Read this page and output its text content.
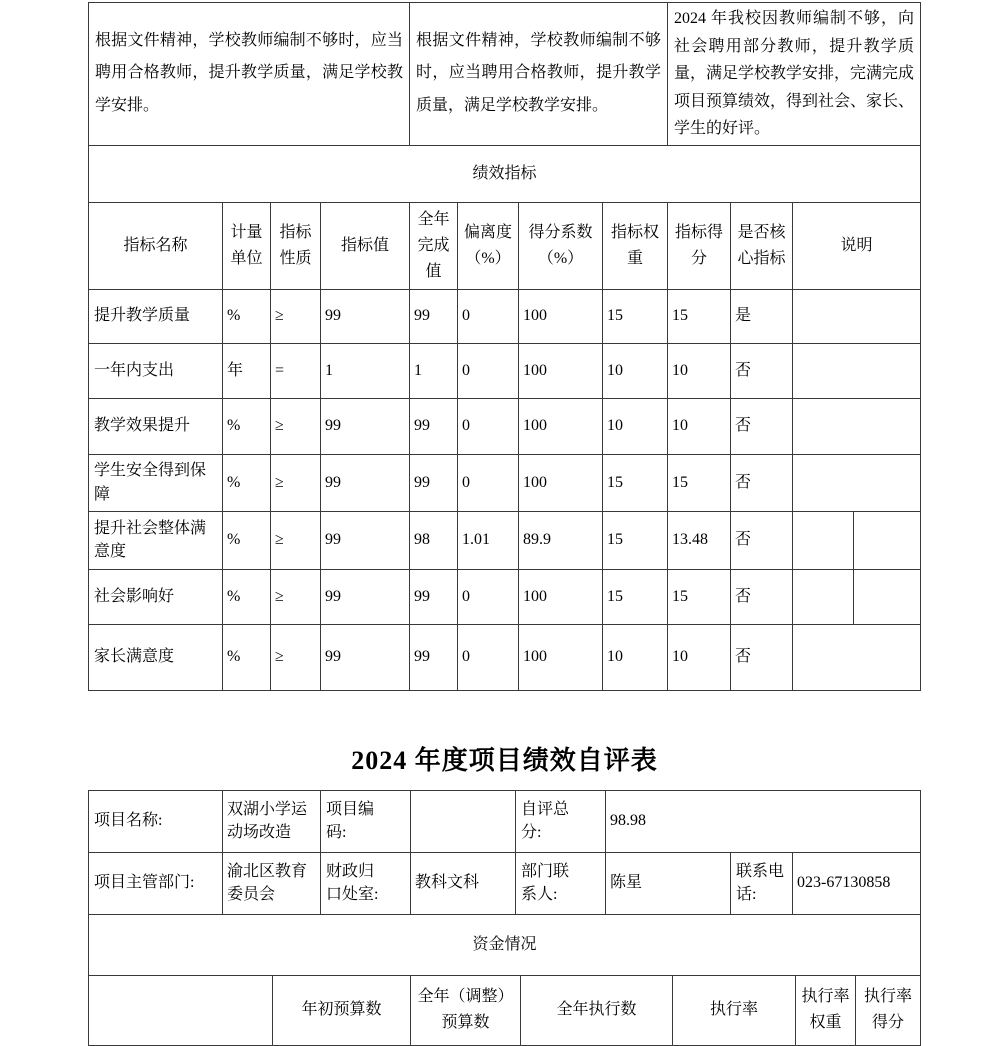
根据文件精神，学校教师编制不够时，应当聘用合格教师，提升教学质量，满足学校教学安排。				根据文件精神，学校教师编制不够时，应当聘用合格教师，提升教学质量，满足学校教学安排。				2024 年我校因教师编制不够，向社会聘用部分教师，提升教学质量，满足学校教学安排，完满完成项目预算绩效，得到社会、家长、学生的好评。			
绩效指标											
指标名称	计量单位	指标性质	指标值	全年完成值	偏离度（%）	得分系数（%）	指标权重	指标得分	是否核心指标	说明	
提升教学质量	%	≥	99	99	0	100	15	15	是		
一年内支出	年	=	1	1	0	100	10	10	否		
教学效果提升	%	≥	99	99	0	100	10	10	否		
学生安全得到保障	%	≥	99	99	0	100	15	15	否		
提升社会整体满意度	%	≥	99	98	1.01	89.9	15	13.48	否		
社会影响好	%	≥	99	99	0	100	15	15	否		
家长满意度	%	≥	99	99	0	100	10	10	否		
2024 年度项目绩效自评表
项目名称:	双湖小学运动场改造	项目编码:		自评总分:	98.98		
项目主管部门:	渝北区教育委员会	财政归口处室:	教科文科	部门联系人:	陈星	联系电话:	023-67130858
资金情况							
	年初预算数	全年（调整）预算数	全年执行数	执行率	执行率权重	执行率得分
